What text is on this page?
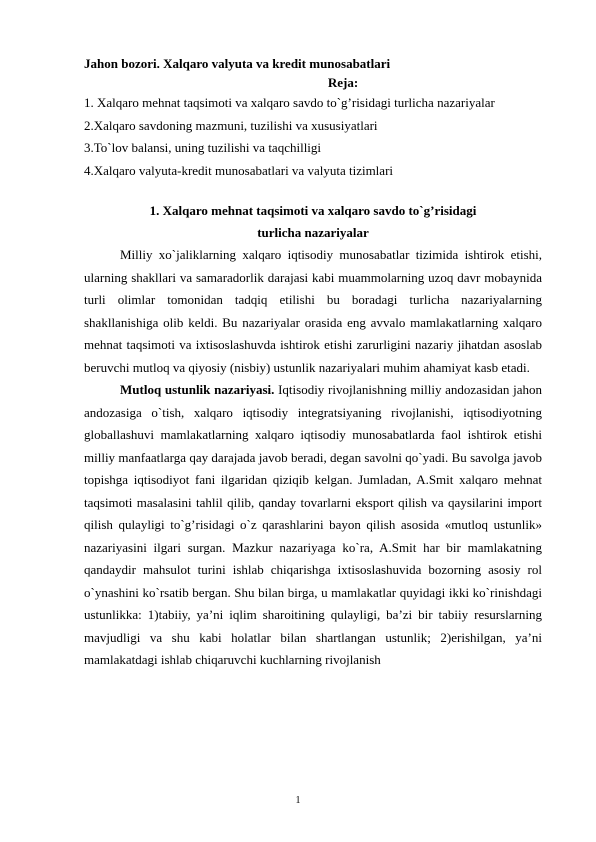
Jahon bozori. Xalqaro valyuta va kredit munosabatlari

Reja:

1. Xalqaro mehnat taqsimoti va xalqaro savdo to`g’risidagi turlicha nazariyalar

2.Xalqaro savdoning mazmuni, tuzilishi va xususiyatlari

3.To`lov balansi, uning tuzilishi va taqchilligi

4.Xalqaro valyuta-kredit munosabatlari va valyuta tizimlari

1. Xalqaro mehnat taqsimoti va xalqaro savdo to`g’risidagi
turlicha nazariyalar

Milliy xo`jaliklarning xalqaro iqtisodiy munosabatlar tizimida ishtirok etishi, ularning shakllari va samaradorlik darajasi kabi muammolarning uzoq davr mobaynida turli olimlar tomonidan tadqiq etilishi bu boradagi turlicha nazariyalarning shakllanishiga olib keldi. Bu nazariyalar orasida eng avvalo mamlakatlarning xalqaro mehnat taqsimoti va ixtisoslashuvda ishtirok etishi zarurligini nazariy jihatdan asoslab beruvchi mutloq va qiyosiy (nisbiy) ustunlik nazariyalari muhim ahamiyat kasb etadi.

Mutloq ustunlik nazariyasi. Iqtisodiy rivojlanishning milliy andozasidan jahon andozasiga o`tish, xalqaro iqtisodiy integratsiyaning rivojlanishi, iqtisodiyotning globallashuvi mamlakatlarning xalqaro iqtisodiy munosabatlarda faol ishtirok etishi milliy manfaatlarga qay darajada javob beradi, degan savolni qo`yadi. Bu savolga javob topishga iqtisodiyot fani ilgaridan qiziqib kelgan. Jumladan, A.Smit xalqaro mehnat taqsimoti masalasini tahlil qilib, qanday tovarlarni eksport qilish va qaysilarini import qilish qulayligi to`g’risidagi o`z qarashlarini bayon qilish asosida «mutloq ustunlik» nazariyasini ilgari surgan. Mazkur nazariyaga ko`ra, A.Smit har bir mamlakatning qandaydir mahsulot turini ishlab chiqarishga ixtisoslashuvida bozorning asosiy rol o`ynashini ko`rsatib bergan. Shu bilan birga, u mamlakatlar quyidagi ikki ko`rinishdagi ustunlikka: 1)tabiiy, ya’ni iqlim sharoitining qulayligi, ba’zi bir tabiiy resurslarning mavjudligi va shu kabi holatlar bilan shartlangan ustunlik; 2)erishilgan, ya’ni mamlakatdagi ishlab chiqaruvchi kuchlarning rivojlanish

1
